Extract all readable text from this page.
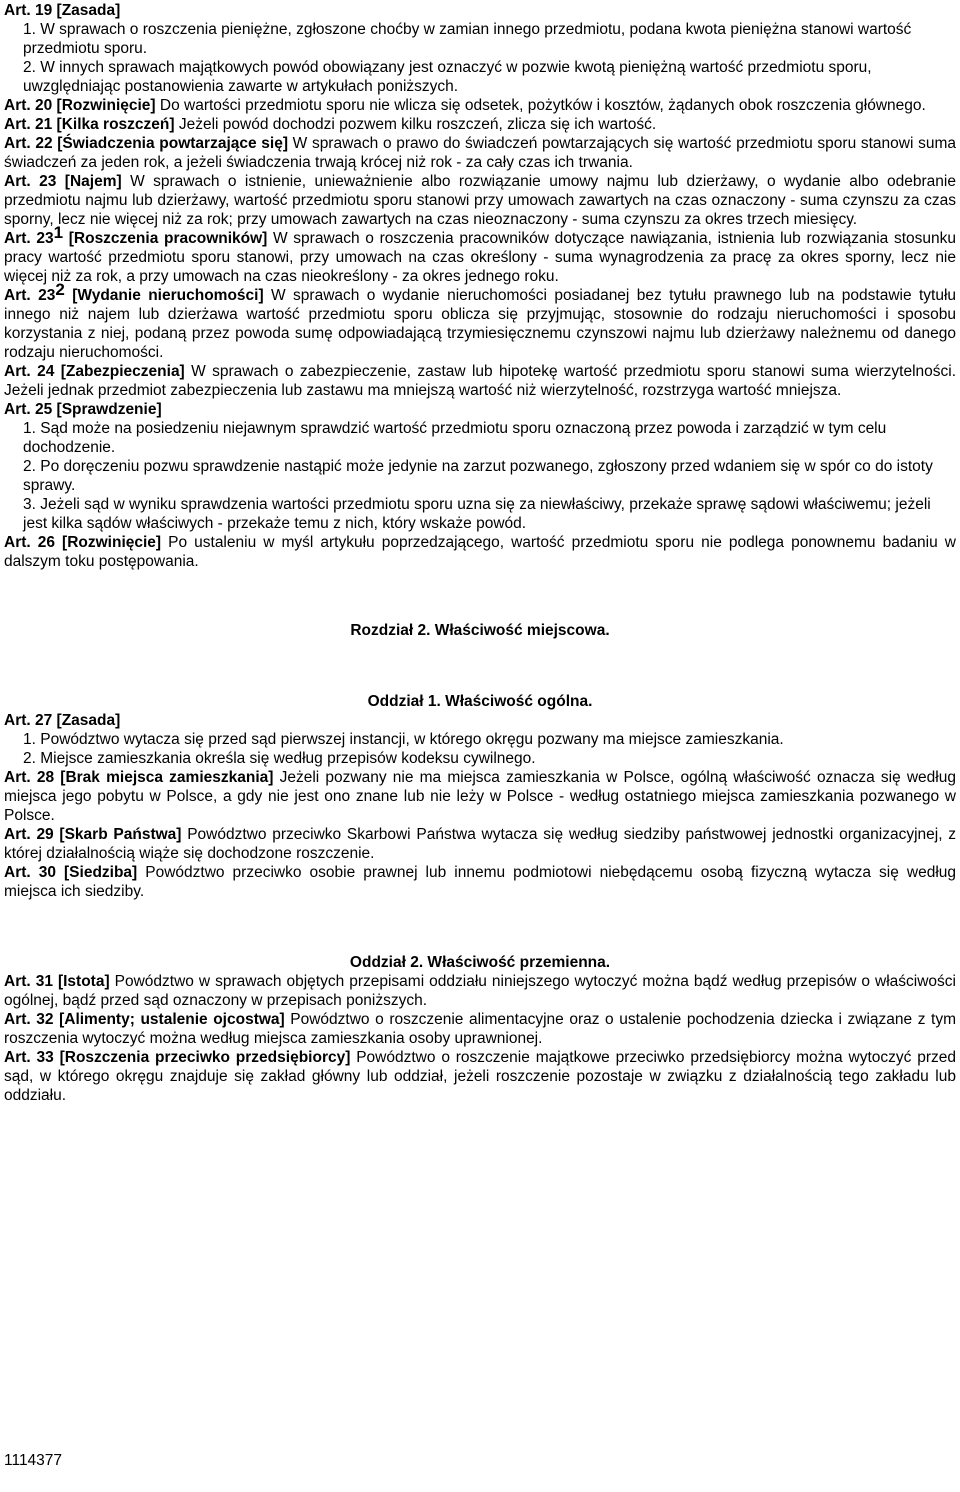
Art. 19 [Zasada]

1. W sprawach o roszczenia pieniężne, zgłoszone choćby w zamian innego przedmiotu, podana kwota pieniężna stanowi wartość przedmiotu sporu.

2. W innych sprawach majątkowych powód obowiązany jest oznaczyć w pozwie kwotą pieniężną wartość przedmiotu sporu, uwzględniając postanowienia zawarte w artykułach poniższych.

Art. 20 [Rozwinięcie] Do wartości przedmiotu sporu nie wlicza się odsetek, pożytków i kosztów, żądanych obok roszczenia głównego.

Art. 21 [Kilka roszczeń] Jeżeli powód dochodzi pozwem kilku roszczeń, zlicza się ich wartość.

Art. 22 [Świadczenia powtarzające się] W sprawach o prawo do świadczeń powtarzających się wartość przedmiotu sporu stanowi suma świadczeń za jeden rok, a jeżeli świadczenia trwają krócej niż rok - za cały czas ich trwania.

Art. 23 [Najem] W sprawach o istnienie, unieważnienie albo rozwiązanie umowy najmu lub dzierżawy, o wydanie albo odebranie przedmiotu najmu lub dzierżawy, wartość przedmiotu sporu stanowi przy umowach zawartych na czas oznaczony - suma czynszu za czas sporny, lecz nie więcej niż za rok; przy umowach zawartych na czas nieoznaczony - suma czynszu za okres trzech miesięcy.

Art. $23^1$ [Roszczenia pracowników] W sprawach o roszczenia pracowników dotyczące nawiązania, istnienia lub rozwiązania stosunku pracy wartość przedmiotu sporu stanowi, przy umowach na czas określony - suma wynagrodzenia za pracę za okres sporny, lecz nie więcej niż za rok, a przy umowach na czas nieokreślony - za okres jednego roku.

Art. $23^2$ [Wydanie nieruchomości] W sprawach o wydanie nieruchomości posiadanej bez tytułu prawnego lub na podstawie tytułu innego niż najem lub dzierżawa wartość przedmiotu sporu oblicza się przyjmując, stosownie do rodzaju nieruchomości i sposobu korzystania z niej, podaną przez powoda sumę odpowiadającą trzymiesięcznemu czynszowi najmu lub dzierżawy należnemu od danego rodzaju nieruchomości.

Art. 24 [Zabezpieczenia] W sprawach o zabezpieczenie, zastaw lub hipotekę wartość przedmiotu sporu stanowi suma wierzytelności. Jeżeli jednak przedmiot zabezpieczenia lub zastawu ma mniejszą wartość niż wierzytelność, rozstrzyga wartość mniejsza.

Art. 25 [Sprawdzenie]

1. Sąd może na posiedzeniu niejawnym sprawdzić wartość przedmiotu sporu oznaczoną przez powoda i zarządzić w tym celu dochodzenie.

2. Po doręczeniu pozwu sprawdzenie nastąpić może jedynie na zarzut pozwanego, zgłoszony przed wdaniem się w spór co do istoty sprawy.

3. Jeżeli sąd w wyniku sprawdzenia wartości przedmiotu sporu uzna się za niewłaściwy, przekaże sprawę sądowi właściwemu; jeżeli jest kilka sądów właściwych - przekaże temu z nich, który wskaże powód.

Art. 26 [Rozwinięcie] Po ustaleniu w myśl artykułu poprzedzającego, wartość przedmiotu sporu nie podlega ponownemu badaniu w dalszym toku postępowania.

Rozdział 2. Właściwość miejscowa.

Oddział 1. Właściwość ogólna.

Art. 27 [Zasada]

1. Powództwo wytacza się przed sąd pierwszej instancji, w którego okręgu pozwany ma miejsce zamieszkania.

2. Miejsce zamieszkania określa się według przepisów kodeksu cywilnego.

Art. 28 [Brak miejsca zamieszkania] Jeżeli pozwany nie ma miejsca zamieszkania w Polsce, ogólną właściwość oznacza się według miejsca jego pobytu w Polsce, a gdy nie jest ono znane lub nie leży w Polsce - według ostatniego miejsca zamieszkania pozwanego w Polsce.

Art. 29 [Skarb Państwa] Powództwo przeciwko Skarbowi Państwa wytacza się według siedziby państwowej jednostki organizacyjnej, z której działalnością wiąże się dochodzone roszczenie.

Art. 30 [Siedziba] Powództwo przeciwko osobie prawnej lub innemu podmiotowi niebędącemu osobą fizyczną wytacza się według miejsca ich siedziby.

Oddział 2. Właściwość przemienna.

Art. 31 [Istota] Powództwo w sprawach objętych przepisami oddziału niniejszego wytoczyć można bądź według przepisów o właściwości ogólnej, bądź przed sąd oznaczony w przepisach poniższych.

Art. 32 [Alimenty; ustalenie ojcostwa] Powództwo o roszczenie alimentacyjne oraz o ustalenie pochodzenia dziecka i związane z tym roszczenia wytoczyć można według miejsca zamieszkania osoby uprawnionej.

Art. 33 [Roszczenia przeciwko przedsiębiorcy] Powództwo o roszczenie majątkowe przeciwko przedsiębiorcy można wytoczyć przed sąd, w którego okręgu znajduje się zakład główny lub oddział, jeżeli roszczenie pozostaje w związku z działalnością tego zakładu lub oddziału.

1114377
